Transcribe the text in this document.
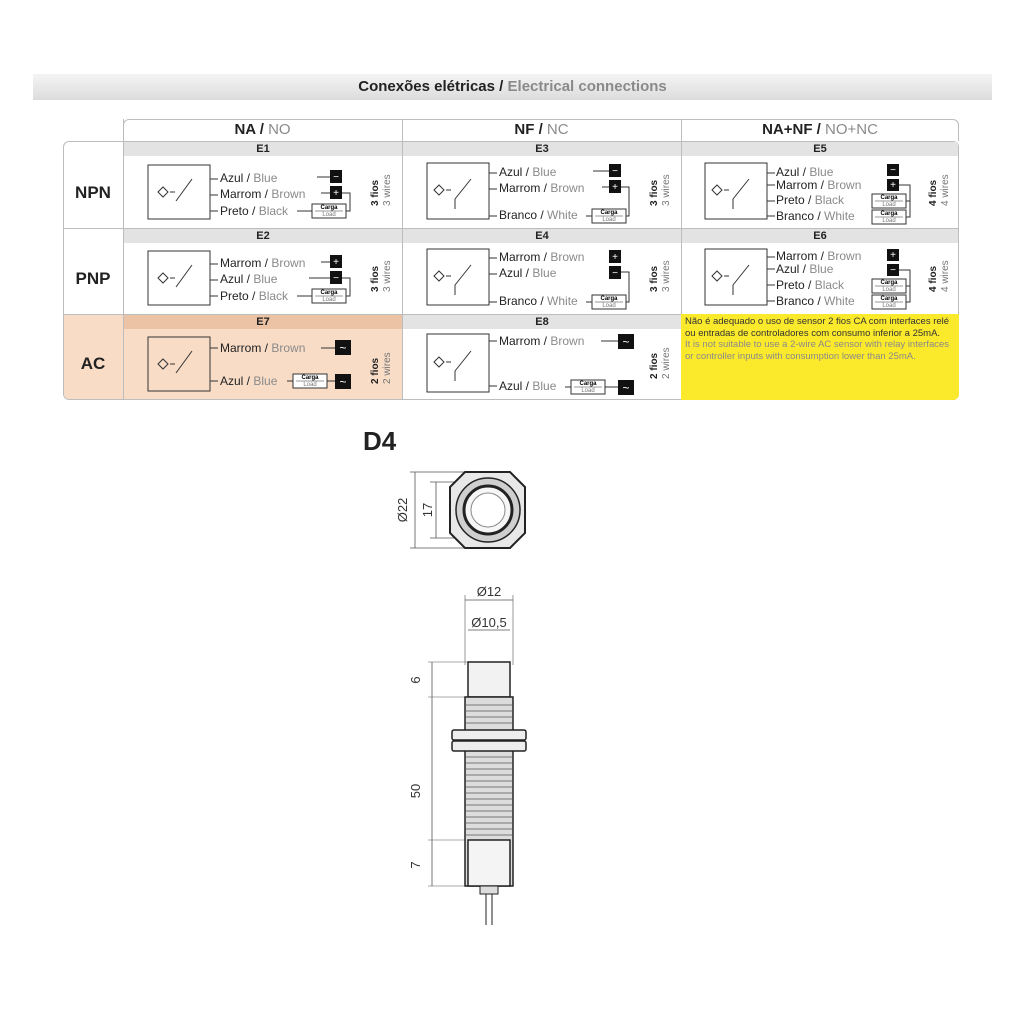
Conexões elétricas / Electrical connections
NA / NO	NF / NC	NA+NF / NO+NC
NPN
PNP
AC
E1	E3	E5
E2	E4	E6
E7	E8	Não é adequado o uso de sensor 2 fios CA com interfaces relé ou entradas de controladores com consumo inferior a 25mA.
It is not suitable to use a 2-wire AC sensor with relay interfaces or controller inputs with consumption lower than 25mA.
Azul / Blue
Marrom / Brown
Preto / Black
−
+
Carga
Load
3 fios 3 wires
Azul / Blue
Marrom / Brown
Branco / White
−
+
Carga
Load
3 fios 3 wires
Azul / Blue
Marrom / Brown
Preto / Black
Branco / White
−
+
Carga
Load
Carga
Load
4 fios 4 wires
Marrom / Brown
Azul / Blue
Preto / Black
+
−
Carga
Load
3 fios 3 wires
Marrom / Brown
Azul / Blue
Branco / White
+
−
Carga
Load
3 fios 3 wires
Marrom / Brown
Azul / Blue
Preto / Black
Branco / White
+
−
Carga
Load
Carga
Load
4 fios 4 wires
Marrom / Brown
Azul / Blue
~
Carga
Load ~ 2 fios 2 wires
Marrom / Brown
Azul / Blue
~
Carga
Load ~
2 fios 2 wires
D4
Ø22 17
Ø12
Ø10,5
6
50
7
